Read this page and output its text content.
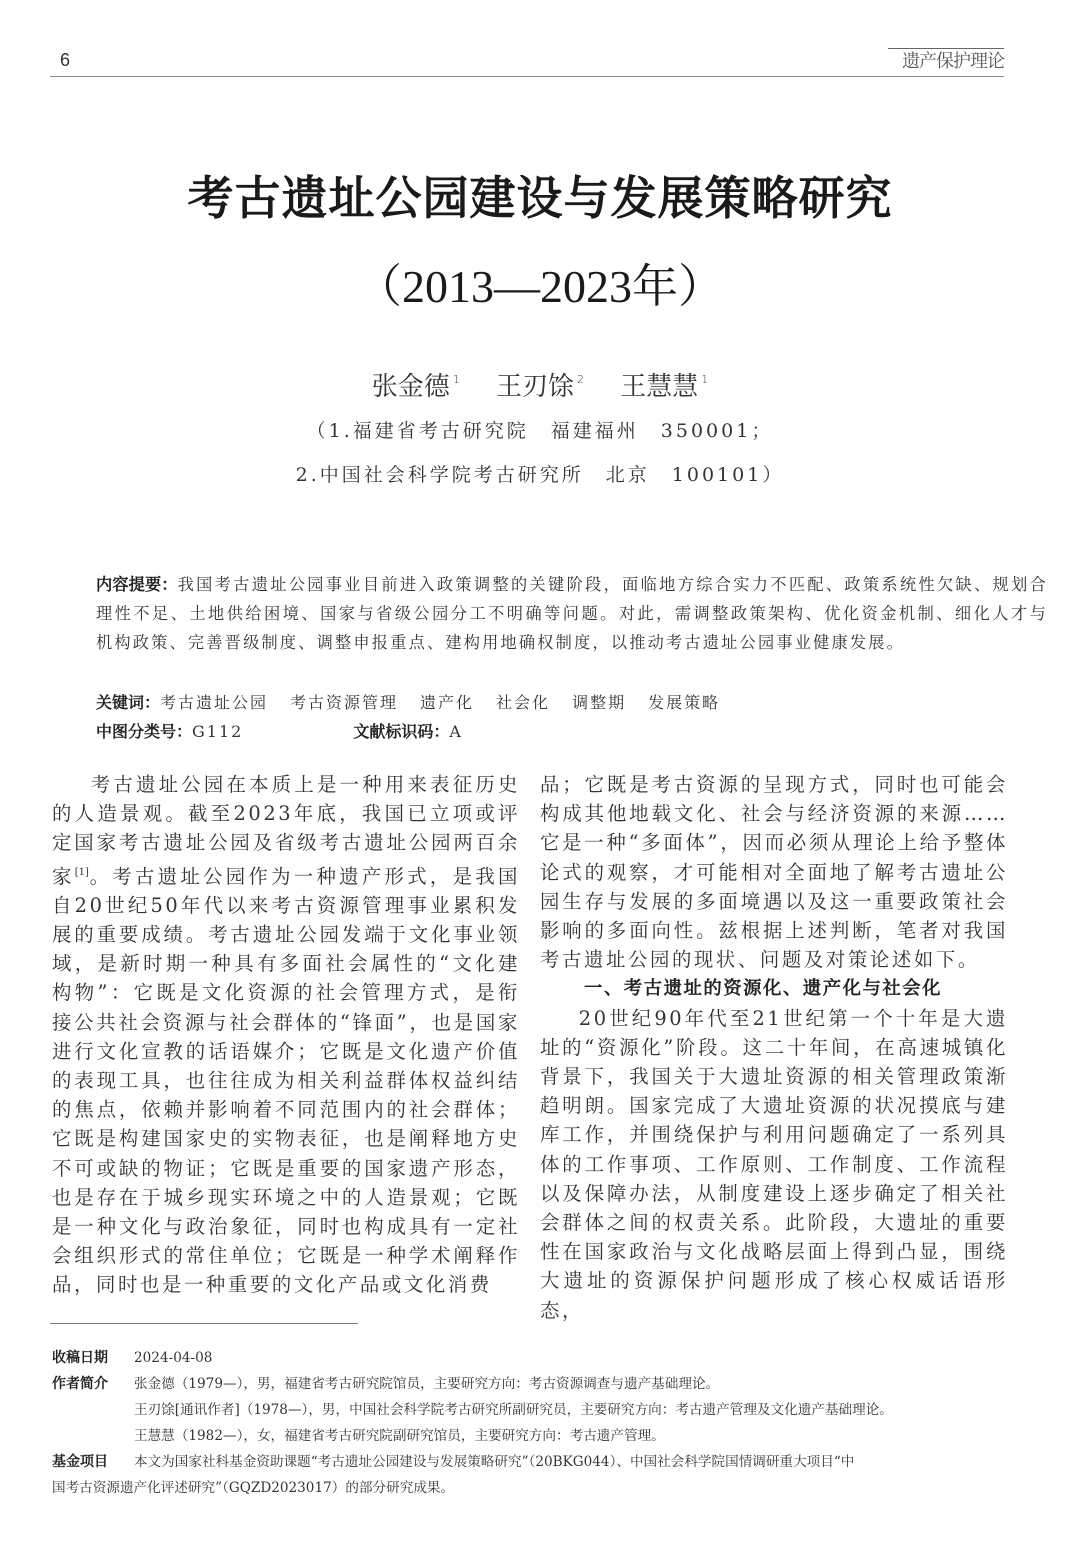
6	遗产保护理论
考古遗址公园建设与发展策略研究
（2013—2023年）
张金德 $^1$ 王刃馀 $^2$ 王慧慧 $^1$
（1.福建省考古研究院　福建福州　350001；
2.中国社会科学院考古研究所　北京　100101）
内容提要：我国考古遗址公园事业目前进入政策调整的关键阶段，面临地方综合实力不匹配、政策系统性欠缺、规划合理性不足、土地供给困境、国家与省级公园分工不明确等问题。对此，需调整政策架构、优化资金机制、细化人才与机构政策、完善晋级制度、调整申报重点、建构用地确权制度，以推动考古遗址公园事业健康发展。
关键词：考古遗址公园 考古资源管理 遗产化 社会化 调整期 发展策略
中图分类号：G112	文献标识码：A

考古遗址公园在本质上是一种用来表征历史的人造景观。截至2023年底，我国已立项或评定国家考古遗址公园及省级考古遗址公园两百余家[1]。考古遗址公园作为一种遗产形式，是我国自20世纪50年代以来考古资源管理事业累积发展的重要成绩。考古遗址公园发端于文化事业领域，是新时期一种具有多面社会属性的“文化建构物”：它既是文化资源的社会管理方式，是衔接公共社会资源与社会群体的“锋面”，也是国家进行文化宣教的话语媒介；它既是文化遗产价值的表现工具，也往往成为相关利益群体权益纠结的焦点，依赖并影响着不同范围内的社会群体；它既是构建国家史的实物表征，也是阐释地方史不可或缺的物证；它既是重要的国家遗产形态，也是存在于城乡现实环境之中的人造景观；它既是一种文化与政治象征，同时也构成具有一定社会组织形式的常住单位；它既是一种学术阐释作品，同时也是一种重要的文化产品或文化消费

品；它既是考古资源的呈现方式，同时也可能会构成其他地载文化、社会与经济资源的来源……它是一种“多面体”，因而必须从理论上给予整体论式的观察，才可能相对全面地了解考古遗址公园生存与发展的多面境遇以及这一重要政策社会影响的多面向性。兹根据上述判断，笔者对我国考古遗址公园的现状、问题及对策论述如下。

一、考古遗址的资源化、遗产化与社会化

20世纪90年代至21世纪第一个十年是大遗址的“资源化”阶段。这二十年间，在高速城镇化背景下，我国关于大遗址资源的相关管理政策渐趋明朗。国家完成了大遗址资源的状况摸底与建库工作，并围绕保护与利用问题确定了一系列具体的工作事项、工作原则、工作制度、工作流程以及保障办法，从制度建设上逐步确定了相关社会群体之间的权责关系。此阶段，大遗址的重要性在国家政治与文化战略层面上得到凸显，围绕大遗址的资源保护问题形成了核心权威话语形态，

收稿日期	2024-04-08
作者简介	张金德（1979—），男，福建省考古研究院馆员，主要研究方向：考古资源调查与遗产基础理论。
王刃馀[通讯作者]（1978—），男，中国社会科学院考古研究所副研究员，主要研究方向：考古遗产管理及文化遗产基础理论。
王慧慧（1982—），女，福建省考古研究院副研究馆员，主要研究方向：考古遗产管理。
基金项目	本文为国家社科基金资助课题“考古遗址公园建设与发展策略研究”（20BKG044）、中国社会科学院国情调研重大项目“中
国考古资源遗产化评述研究”（GQZD2023017）的部分研究成果。
